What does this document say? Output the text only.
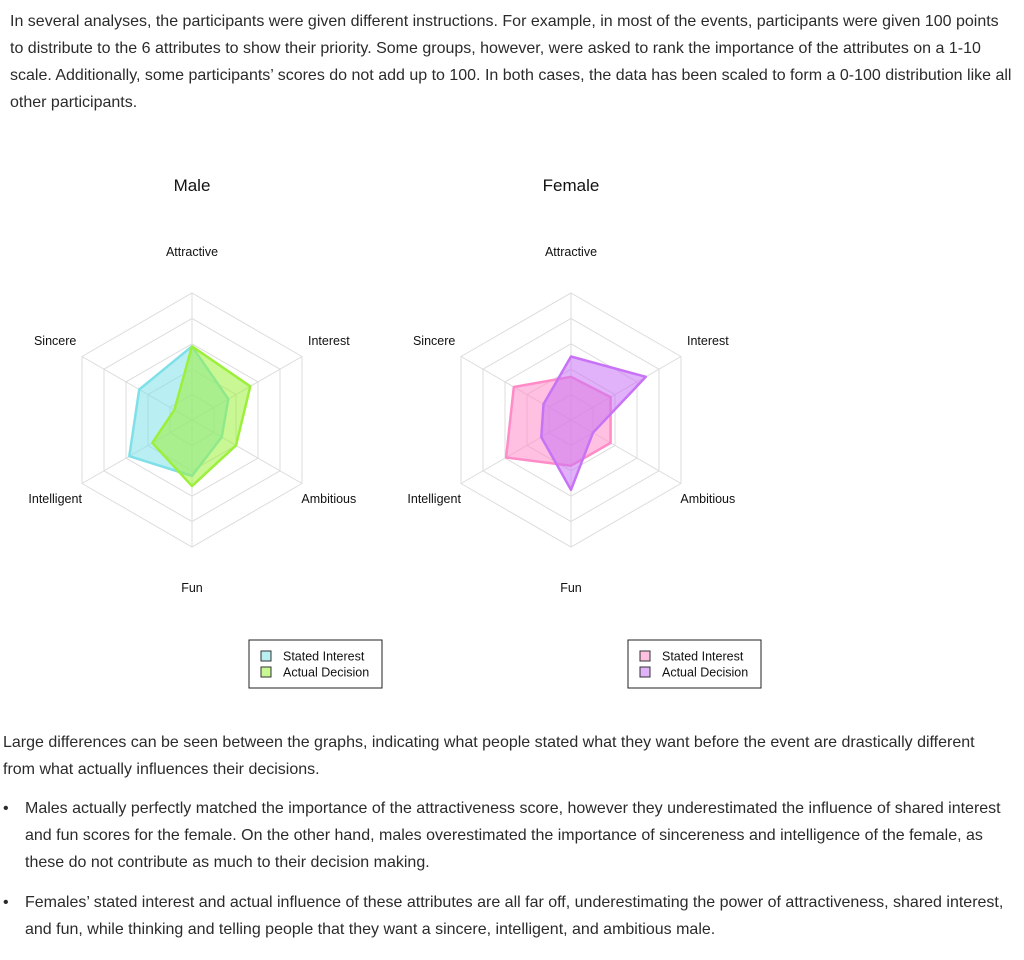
In several analyses, the participants were given different instructions. For example, in most of the events, participants were given 100 points to distribute to the 6 attributes to show their priority. Some groups, however, were asked to rank the importance of the attributes on a 1-10 scale. Additionally, some participants’ scores do not add up to 100. In both cases, the data has been scaled to form a 0-100 distribution like all other participants.

Male
Attractive
Interest
Ambitious
Fun
Intelligent
Sincere
Stated Interest
Actual Decision
Female
Attractive
Interest
Ambitious
Fun
Intelligent
Sincere
Stated Interest
Actual Decision

Large differences can be seen between the graphs, indicating what people stated what they want before the event are drastically different from what actually influences their decisions.

• Males actually perfectly matched the importance of the attractiveness score, however they underestimated the influence of shared interest and fun scores for the female. On the other hand, males overestimated the importance of sincereness and intelligence of the female, as these do not contribute as much to their decision making.
• Females’ stated interest and actual influence of these attributes are all far off, underestimating the power of attractiveness, shared interest, and fun, while thinking and telling people that they want a sincere, intelligent, and ambitious male.
